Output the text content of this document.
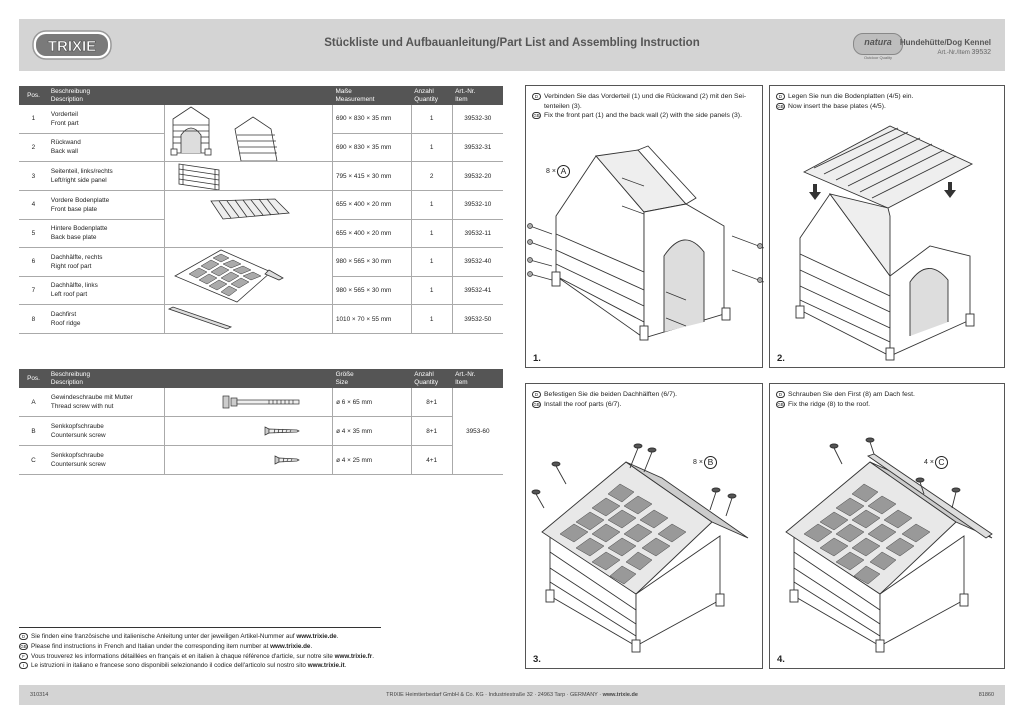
TRIXIE	Stückliste und Aufbauanleitung/Part List and Assembling Instruction	natura
Outdoor Quality
Hundehütte/Dog Kennel
Art.-Nr./Item 39532
Pos.	Beschreibung
Description		Maße
Measurement	Anzahl
Quantity	Art.-Nr.
Item
1	Vorderteil
Front part		690 × 830 × 35 mm	1	39532-30
2	Rückwand
Back wall		690 × 830 × 35 mm	1	39532-31
3	Seitenteil, links/rechts
Left/right side panel		795 × 415 × 30 mm	2	39532-20
4	Vordere Bodenplatte
Front base plate		655 × 400 × 20 mm	1	39532-10
5	Hintere Bodenplatte
Back base plate		655 × 400 × 20 mm	1	39532-11
6	Dachhälfte, rechts
Right roof part		980 × 565 × 30 mm	1	39532-40
7	Dachhälfte, links
Left roof part		980 × 565 × 30 mm	1	39532-41
8	Dachfirst
Roof ridge		1010 × 70 × 55 mm	1	39532-50
Pos.	Beschreibung
Description		Größe
Size	Anzahl
Quantity	Art.-Nr.
Item
A	Gewindeschraube mit Mutter
Thread screw with nut		ø 6 × 65 mm	8+1	3953-60
B	Senkkopfschraube
Countersunk screw		ø 4 × 35 mm	8+1	
C	Senkkopfschraube
Countersunk screw		ø 4 × 25 mm	4+1	
D Verbinden Sie das Vorderteil (1) und die Rückwand (2) mit den Sei-
tenteilen (3).
GB Fix the front part (1) and the back wall (2) with the side panels (3).
8 × A
1.
D Legen Sie nun die Bodenplatten (4/5) ein.
GB Now insert the base plates (4/5).
2.
D Befestigen Sie die beiden Dachhälften (6/7).
GB Install the roof parts (6/7).
8 × B
3.
D Schrauben Sie den First (8) am Dach fest.
GB Fix the ridge (8) to the roof.
4 × C
4.
D Sie finden eine französische und italienische Anleitung unter der jeweiligen Artikel-Nummer auf www.trixie.de.
GB Please find instructions in French and Italian under the corresponding item number at www.trixie.de.
F Vous trouverez les informations détaillées en français et en italien à chaque référence d'article, sur notre site www.trixie.fr.
I	Le istruzioni in italiano e francese sono disponibili selezionando il codice dell'articolo sul nostro sito www.trixie.it.
310314	TRIXIE Heimtierbedarf GmbH & Co. KG · Industriestraße 32 · 24963 Tarp · GERMANY · www.trixie.de	81860
